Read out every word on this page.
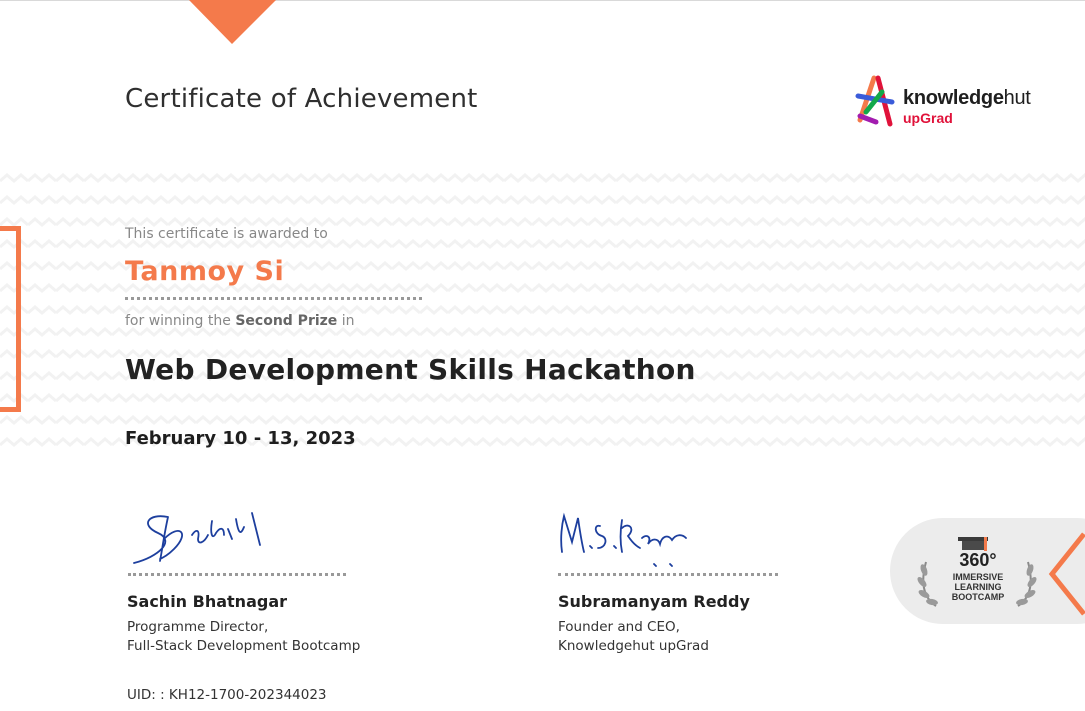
Certificate of Achievement	knowledgehut
upGrad
This certificate is awarded to
Tanmoy Si
for winning the Second Prize in
Web Development Skills Hackathon
February 10 - 13, 2023
Sachin Bhatnagar
Programme Director,
Full-Stack Development Bootcamp
Subramanyam Reddy
Founder and CEO,
Knowledgehut upGrad
UID: : KH12-1700-202344023
360°
IMMERSIVE
LEARNING
BOOTCAMP
